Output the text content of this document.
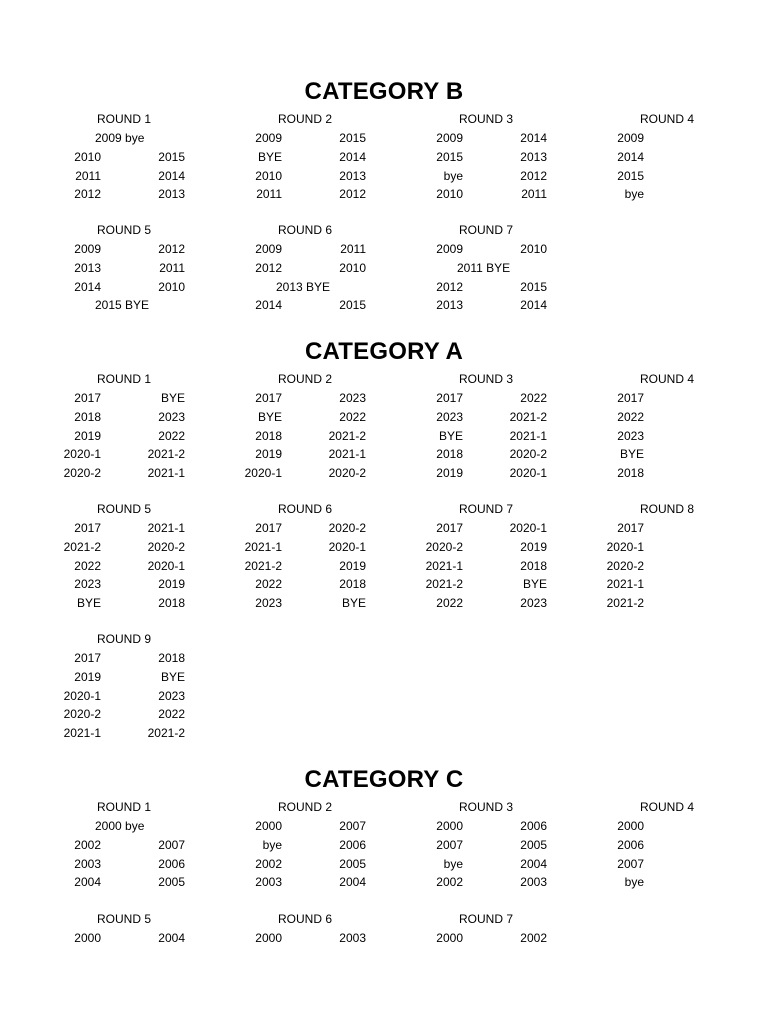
ROUND 1
2009 bye
2010	2015
2011	2014
2012	2013
ROUND 2
2009	2015
BYE	2014
2010	2013
2011	2012
ROUND 3
2009	2014
2015	2013
bye	2012
2010	2011
ROUND 4
2009
2014
2015
bye
ROUND 5
2009	2012
2013	2011
2014	2010
2015 BYE
ROUND 6
2009	2011
2012	2010
2013 BYE
2014	2015
ROUND 7
2009	2010
2011 BYE
2012	2015
2013	2014
ROUND 1
2017	BYE
2018	2023
2019	2022
2020-1	2021-2
2020-2	2021-1
ROUND 2
2017	2023
BYE	2022
2018	2021-2
2019	2021-1
2020-1	2020-2
ROUND 3
2017	2022
2023	2021-2
BYE	2021-1
2018	2020-2
2019	2020-1
ROUND 4
2017
2022
2023
BYE
2018
ROUND 5
2017	2021-1
2021-2	2020-2
2022	2020-1
2023	2019
BYE	2018
ROUND 6
2017	2020-2
2021-1	2020-1
2021-2	2019
2022	2018
2023	BYE
ROUND 7
2017	2020-1
2020-2	2019
2021-1	2018
2021-2	BYE
2022	2023
ROUND 8
2017
2020-1
2020-2
2021-1
2021-2
ROUND 9
2017	2018
2019	BYE
2020-1	2023
2020-2	2022
2021-1	2021-2
ROUND 1
2000 bye
2002	2007
2003	2006
2004	2005
ROUND 2
2000	2007
bye	2006
2002	2005
2003	2004
ROUND 3
2000	2006
2007	2005
bye	2004
2002	2003
ROUND 4
2000
2006
2007
bye
ROUND 5
2000	2004
ROUND 6
2000	2003
ROUND 7
2000	2002
CATEGORY B
CATEGORY A
CATEGORY C
